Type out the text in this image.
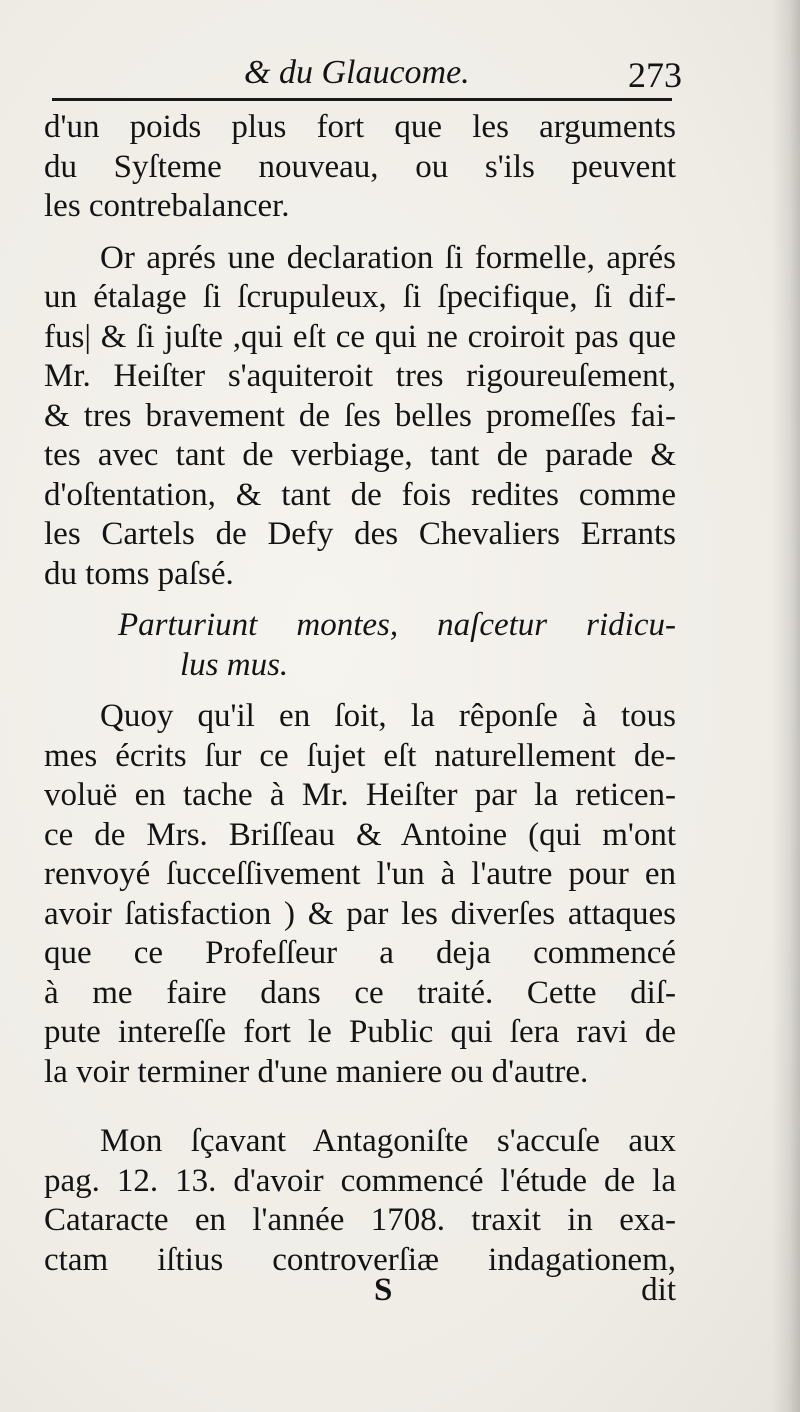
& du Glaucome.	273
d'un poids plus fort que les arguments
du Syſteme nouveau, ou s'ils peuvent
les contrebalancer.
Or aprés une declaration ſi formelle, aprés
un étalage ſi ſcrupuleux, ſi ſpecifique, ſi dif-
fus| & ſi juſte ,qui eſt ce qui ne croiroit pas que
Mr. Heiſter s'aquiteroit tres rigoureuſement,
& tres bravement de ſes belles promeſſes fai-
tes avec tant de verbiage, tant de parade &
d'oſtentation, & tant de fois redites comme
les Cartels de Defy des Chevaliers Errants
du toms paſsé.
Parturiunt montes, naſcetur ridicu-
lus mus.
Quoy qu'il en ſoit, la rêponſe à tous
mes écrits ſur ce ſujet eſt naturellement de-
voluë en tache à Mr. Heiſter par la reticen-
ce de Mrs. Briſſeau & Antoine (qui m'ont
renvoyé ſucceſſivement l'un à l'autre pour en
avoir ſatisfaction ) & par les diverſes attaques
que ce Profeſſeur a deja commencé
à me faire dans ce traité. Cette diſ-
pute intereſſe fort le Public qui ſera ravi de
la voir terminer d'une maniere ou d'autre.
Mon ſçavant Antagoniſte s'accuſe aux
pag. 12. 13. d'avoir commencé l'étude de la
Cataracte en l'année 1708. traxit in exa-
ctam iſtius controverſiæ indagationem,
S	dit
